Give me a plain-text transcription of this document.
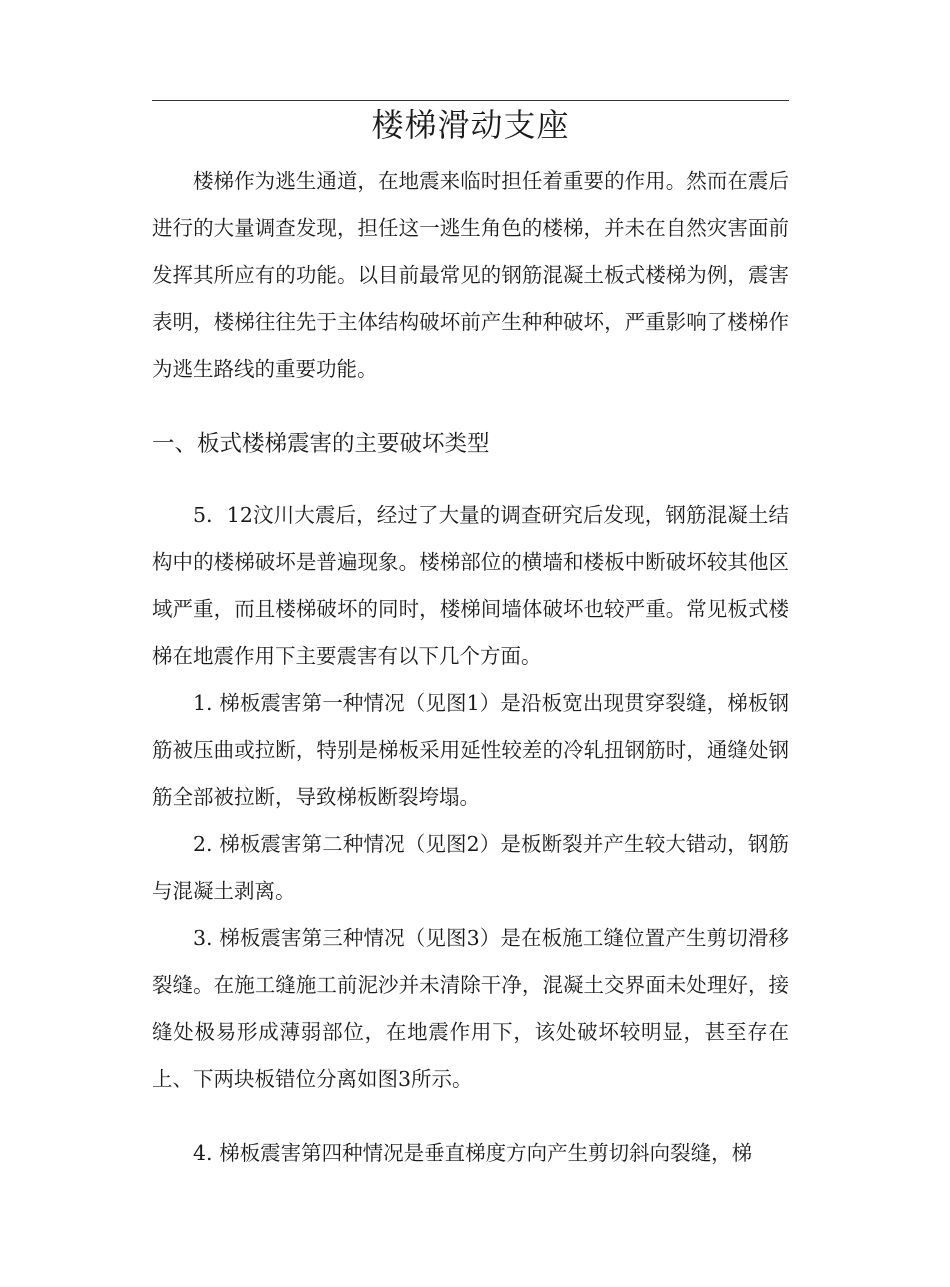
楼梯滑动支座

楼梯作为逃生通道，在地震来临时担任着重要的作用。然而在震后进行的大量调查发现，担任这一逃生角色的楼梯，并未在自然灾害面前发挥其所应有的功能。以目前最常见的钢筋混凝土板式楼梯为例，震害表明，楼梯往往先于主体结构破坏前产生种种破坏，严重影响了楼梯作为逃生路线的重要功能。

一、板式楼梯震害的主要破坏类型

5．12汶川大震后，经过了大量的调查研究后发现，钢筋混凝土结构中的楼梯破坏是普遍现象。楼梯部位的横墙和楼板中断破坏较其他区域严重，而且楼梯破坏的同时，楼梯间墙体破坏也较严重。常见板式楼梯在地震作用下主要震害有以下几个方面。

1. 梯板震害第一种情况（见图1）是沿板宽出现贯穿裂缝，梯板钢筋被压曲或拉断，特别是梯板采用延性较差的冷轧扭钢筋时，通缝处钢筋全部被拉断，导致梯板断裂垮塌。

2. 梯板震害第二种情况（见图2）是板断裂并产生较大错动，钢筋与混凝土剥离。

3. 梯板震害第三种情况（见图3）是在板施工缝位置产生剪切滑移裂缝。在施工缝施工前泥沙并未清除干净，混凝土交界面未处理好，接缝处极易形成薄弱部位，在地震作用下，该处破坏较明显，甚至存在上、下两块板错位分离如图3所示。

4. 梯板震害第四种情况是垂直梯度方向产生剪切斜向裂缝，梯
